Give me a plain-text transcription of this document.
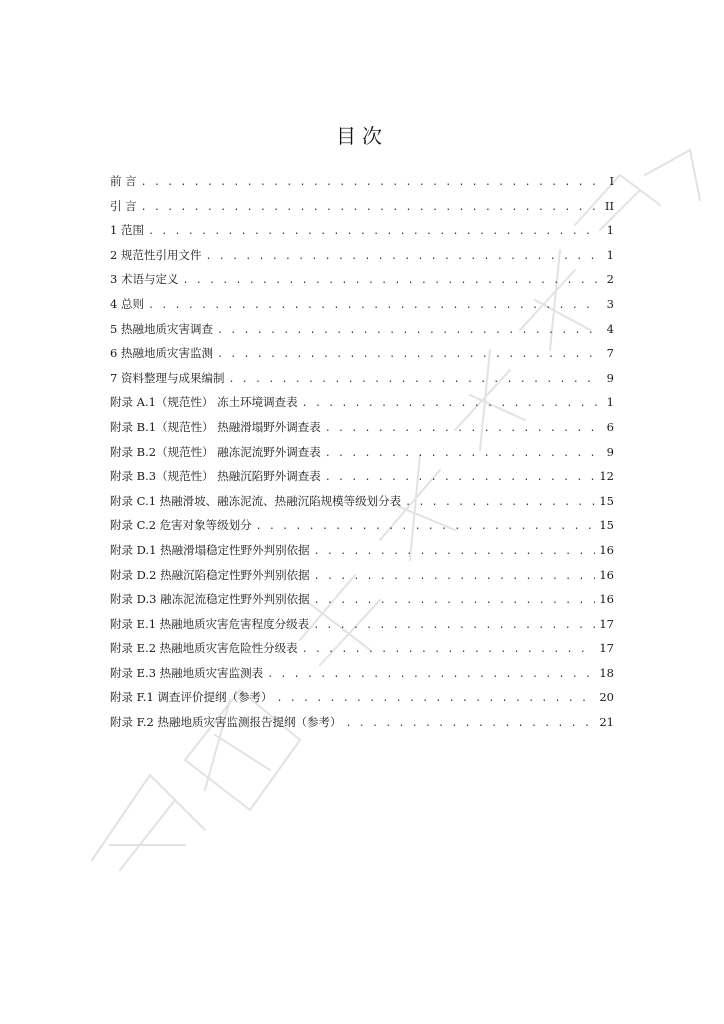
目次
前 言 . . .	I
引 言 . . .	II
1 范围 . . .	1
2 规范性引用文件 . . .	1
3 术语与定义 . . .	2
4 总则 . . .	3
5 热融地质灾害调查 . . .	4
6 热融地质灾害监测 . . .	7
7 资料整理与成果编制 . . .	9
附录 A.1（规范性） 冻土环境调查表 . . .	1
附录 B.1（规范性） 热融滑塌野外调查表 . . .	6
附录 B.2（规范性） 融冻泥流野外调查表 . . .	9
附录 B.3（规范性） 热融沉陷野外调查表 . . .	12
附录 C.1 热融滑坡、融冻泥流、热融沉陷规模等级划分表 . . .	15
附录 C.2 危害对象等级划分 . . .	15
附录 D.1 热融滑塌稳定性野外判别依据 . . .	16
附录 D.2 热融沉陷稳定性野外判别依据 . . .	16
附录 D.3 融冻泥流稳定性野外判别依据 . . .	16
附录 E.1 热融地质灾害危害程度分级表 . . .	17
附录 E.2 热融地质灾害危险性分级表 . . .	17
附录 E.3 热融地质灾害监测表 . . .	18
附录 F.1 调查评价提纲（参考） . . .	20
附录 F.2 热融地质灾害监测报告提纲（参考） . . .	21
